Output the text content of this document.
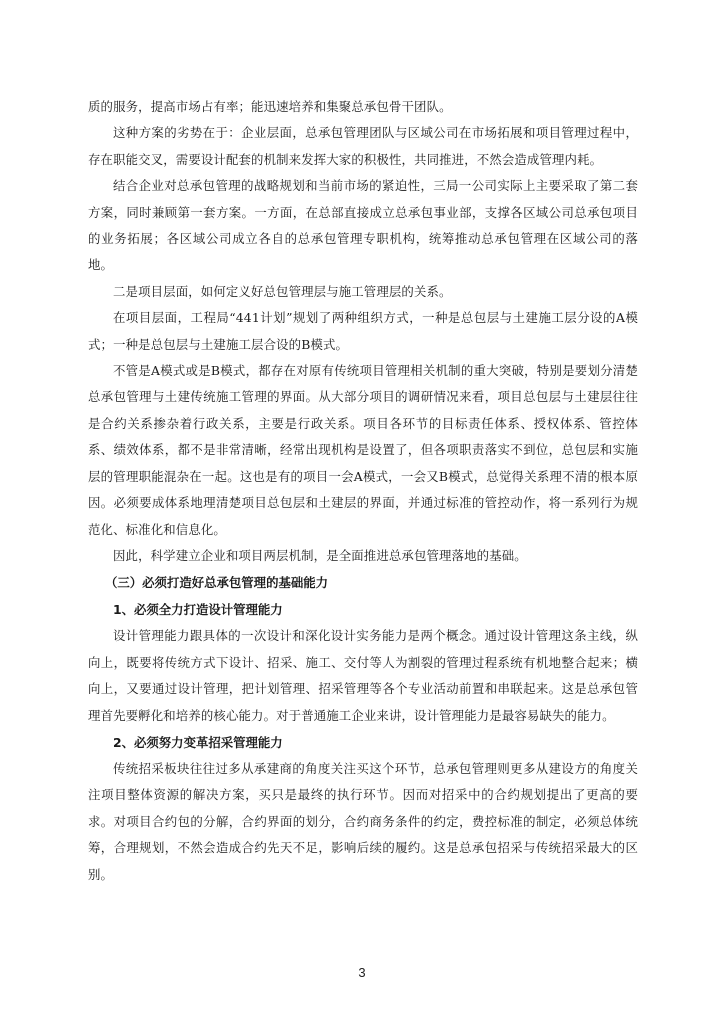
质的服务，提高市场占有率；能迅速培养和集聚总承包骨干团队。

这种方案的劣势在于：企业层面，总承包管理团队与区域公司在市场拓展和项目管理过程中，存在职能交叉，需要设计配套的机制来发挥大家的积极性，共同推进，不然会造成管理内耗。

结合企业对总承包管理的战略规划和当前市场的紧迫性，三局一公司实际上主要采取了第二套方案，同时兼顾第一套方案。一方面，在总部直接成立总承包事业部，支撑各区域公司总承包项目的业务拓展；各区域公司成立各自的总承包管理专职机构，统筹推动总承包管理在区域公司的落地。

二是项目层面，如何定义好总包管理层与施工管理层的关系。

在项目层面，工程局“441计划”规划了两种组织方式，一种是总包层与土建施工层分设的A模式；一种是总包层与土建施工层合设的B模式。

不管是A模式或是B模式，都存在对原有传统项目管理相关机制的重大突破，特别是要划分清楚总承包管理与土建传统施工管理的界面。从大部分项目的调研情况来看，项目总包层与土建层往往是合约关系掺杂着行政关系，主要是行政关系。项目各环节的目标责任体系、授权体系、管控体系、绩效体系，都不是非常清晰，经常出现机构是设置了，但各项职责落实不到位，总包层和实施层的管理职能混杂在一起。这也是有的项目一会A模式，一会又B模式，总觉得关系理不清的根本原因。必须要成体系地理清楚项目总包层和土建层的界面，并通过标准的管控动作，将一系列行为规范化、标准化和信息化。

因此，科学建立企业和项目两层机制，是全面推进总承包管理落地的基础。

（三）必须打造好总承包管理的基础能力
1、必须全力打造设计管理能力

设计管理能力跟具体的一次设计和深化设计实务能力是两个概念。通过设计管理这条主线，纵向上，既要将传统方式下设计、招采、施工、交付等人为割裂的管理过程系统有机地整合起来；横向上，又要通过设计管理，把计划管理、招采管理等各个专业活动前置和串联起来。这是总承包管理首先要孵化和培养的核心能力。对于普通施工企业来讲，设计管理能力是最容易缺失的能力。

2、必须努力变革招采管理能力

传统招采板块往往过多从承建商的角度关注买这个环节，总承包管理则更多从建设方的角度关注项目整体资源的解决方案，买只是最终的执行环节。因而对招采中的合约规划提出了更高的要求。对项目合约包的分解，合约界面的划分，合约商务条件的约定，费控标准的制定，必须总体统筹，合理规划，不然会造成合约先天不足，影响后续的履约。这是总承包招采与传统招采最大的区别。

3
